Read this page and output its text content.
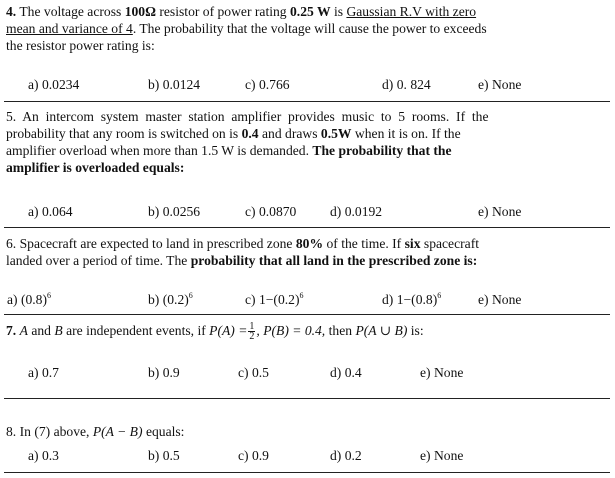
4. The voltage across 100Ω resistor of power rating 0.25 W is Gaussian R.V with zero
mean and variance of 4. The probability that the voltage will cause the power to exceeds
the resistor power rating is:
a) 0.0234	b) 0.0124	c) 0.766	d) 0. 824	e) None
5.  An  intercom  system  master  station  amplifier  provides  music  to  5  rooms.  If  the
probability that any room is switched on is 0.4 and draws 0.5W when it is on. If the
amplifier overload when more than 1.5 W is demanded. The probability that the
amplifier is overloaded equals:
a) 0.064	b) 0.0256	c) 0.0870 d) 0.0192	e) None
6. Spacecraft are expected to land in prescribed zone 80% of the time. If six spacecraft
landed over a period of time. The probability that all land in the prescribed zone is:
a) $(0.8)^6$	b) $(0.2)^6$	c) $1-(0.2)^6$	d) $1-(0.8)^6$	e) None
7. A and B are independent events, if $P(A) = \frac{1}{2}$ , P(B) = 0.4, then P(A ∪ B) is:
a) 0.7	b) 0.9	c) 0.5	d) 0.4	e) None
8. In (7) above, P(A − B) equals:
a) 0.3	b) 0.5	c) 0.9	d) 0.2	e) None
